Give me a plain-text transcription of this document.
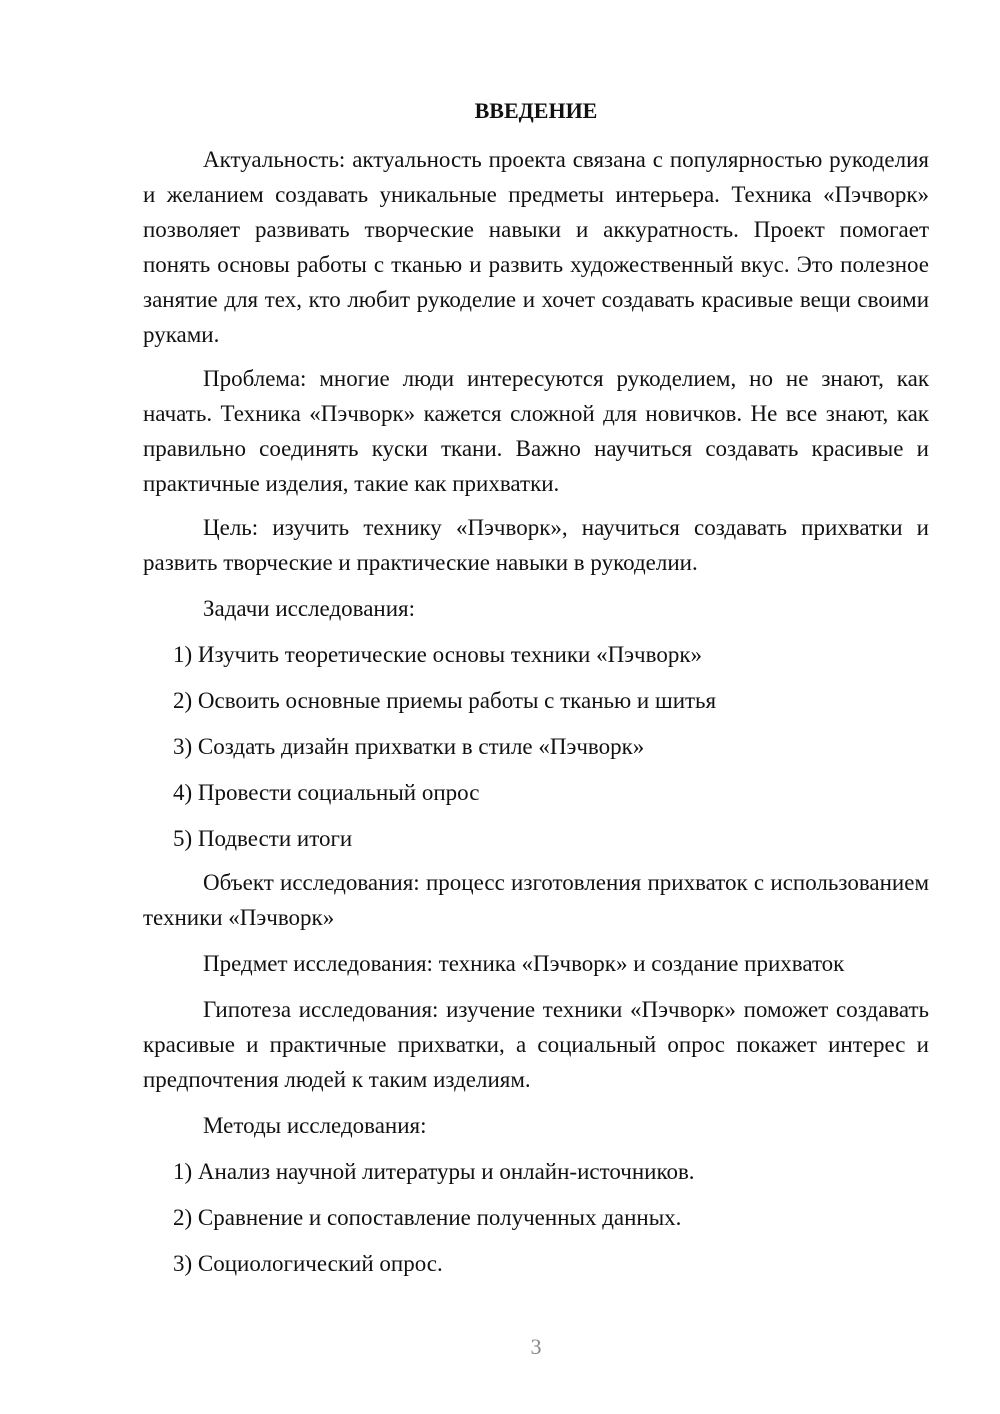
ВВЕДЕНИЕ

Актуальность: актуальность проекта связана с популярностью рукоделия и желанием создавать уникальные предметы интерьера. Техника «Пэчворк» позволяет развивать творческие навыки и аккуратность. Проект помогает понять основы работы с тканью и развить художественный вкус. Это полезное занятие для тех, кто любит рукоделие и хочет создавать красивые вещи своими руками.

Проблема: многие люди интересуются рукоделием, но не знают, как начать. Техника «Пэчворк» кажется сложной для новичков. Не все знают, как правильно соединять куски ткани. Важно научиться создавать красивые и практичные изделия, такие как прихватки.

Цель: изучить технику «Пэчворк», научиться создавать прихватки и развить творческие и практические навыки в рукоделии.

Задачи исследования:

1) Изучить теоретические основы техники «Пэчворк»

2) Освоить основные приемы работы с тканью и шитья

3) Создать дизайн прихватки в стиле «Пэчворк»

4) Провести социальный опрос

5) Подвести итоги

Объект исследования: процесс изготовления прихваток с использованием техники «Пэчворк»

Предмет исследования: техника «Пэчворк» и создание прихваток

Гипотеза исследования: изучение техники «Пэчворк» поможет создавать красивые и практичные прихватки, а социальный опрос покажет интерес и предпочтения людей к таким изделиям.

Методы исследования:

1) Анализ научной литературы и онлайн-источников.

2) Сравнение и сопоставление полученных данных.

3) Социологический опрос.

3
